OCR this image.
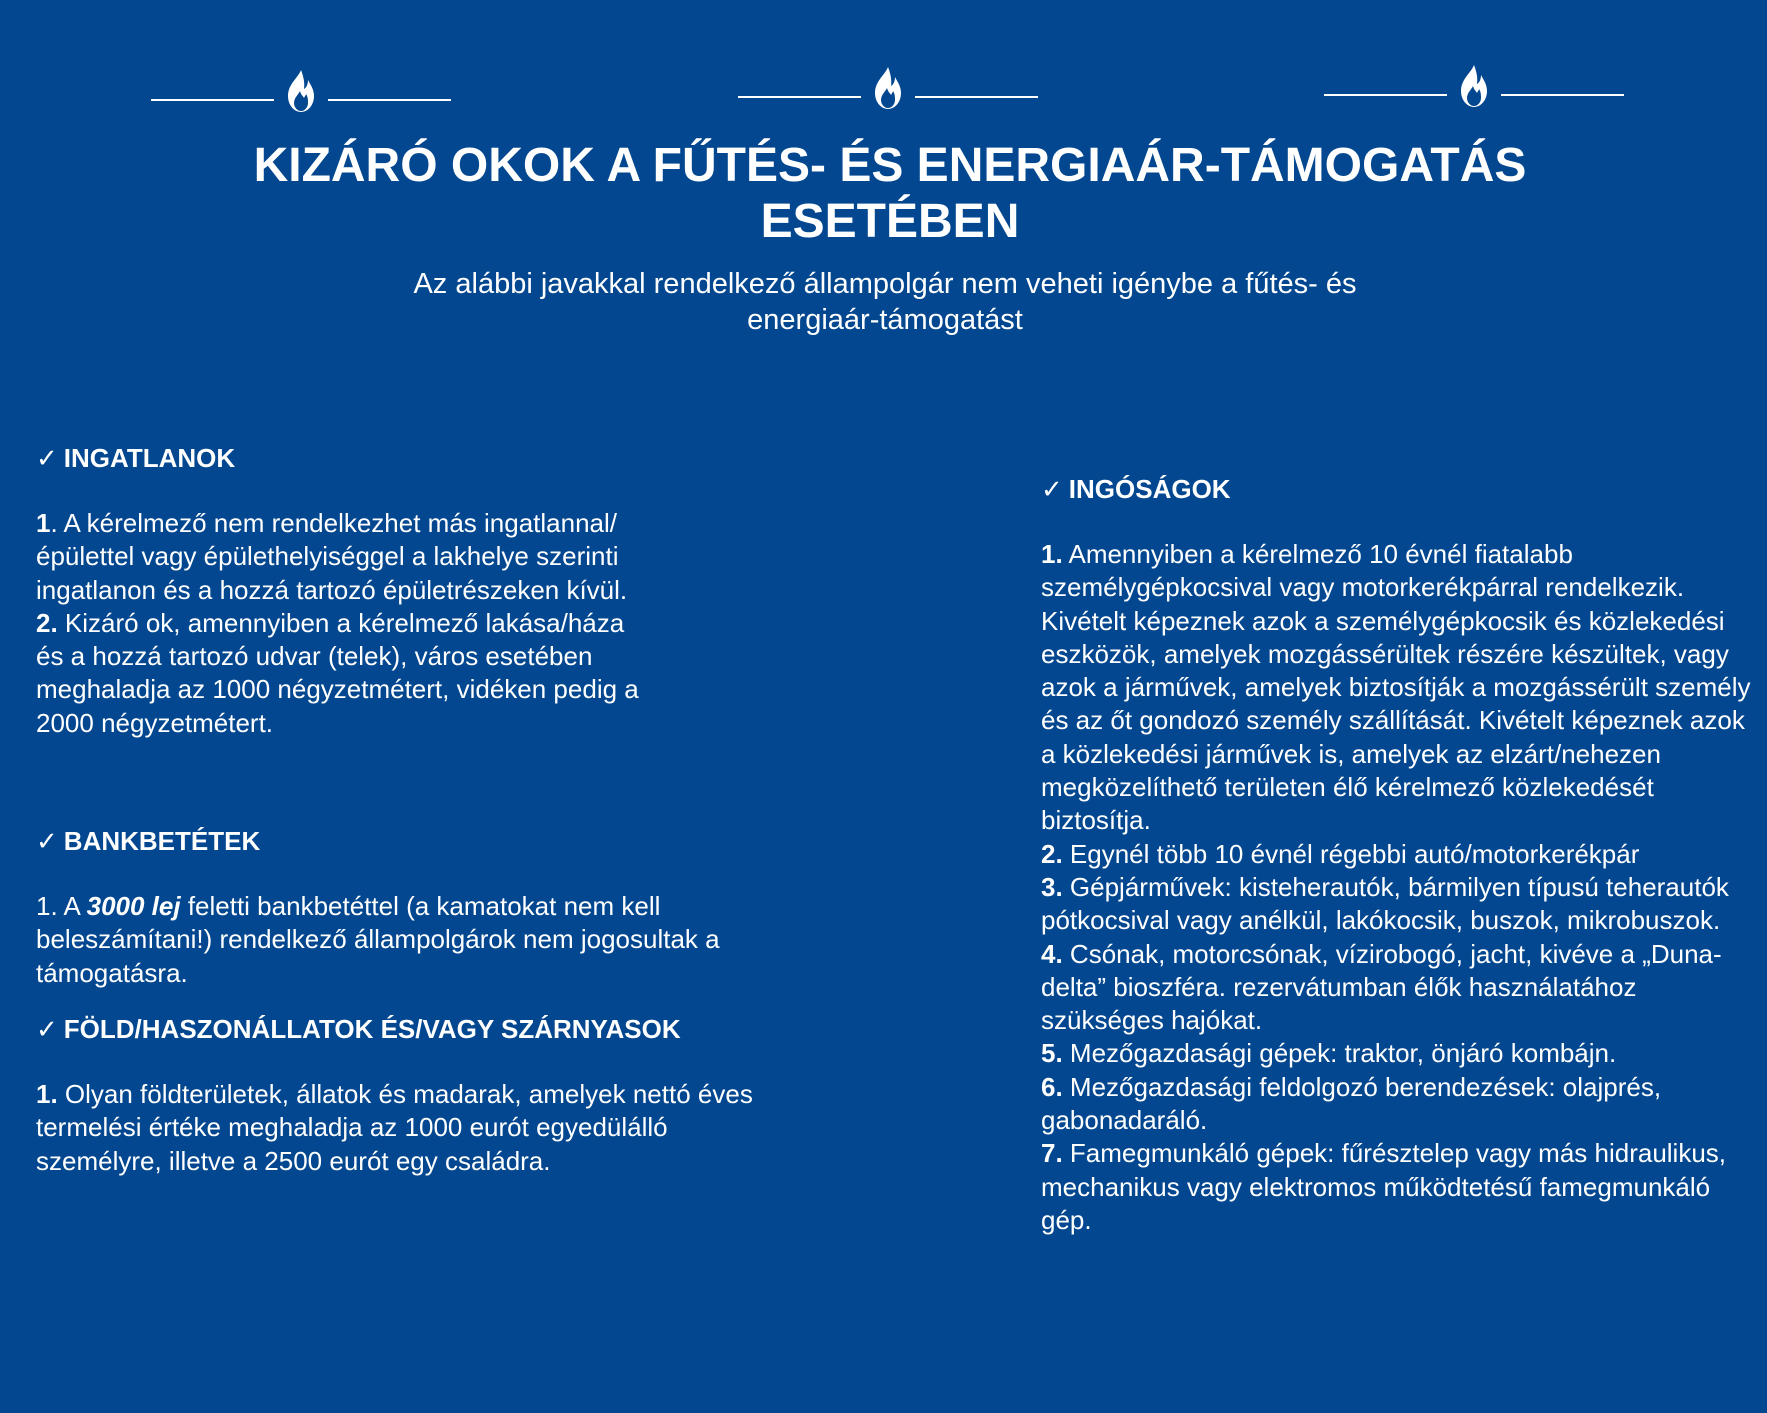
KIZÁRÓ OKOK A FŰTÉS- ÉS ENERGIAÁR-TÁMOGATÁS ESETÉBEN
Az alábbi javakkal rendelkező állampolgár nem veheti igénybe a fűtés- és energiaár-támogatást

✓ INGATLANOK

1. A kérelmező nem rendelkezhet más ingatlannal/épülettel vagy épülethelyiséggel a lakhelye szerinti ingatlanon és a hozzá tartozó épületrészeken kívül.

2. Kizáró ok, amennyiben a kérelmező lakása/háza és a hozzá tartozó udvar (telek), város esetében meghaladja az 1000 négyzetmétert, vidéken pedig a 2000 négyzetmétert.

✓ BANKBETÉTEK

1. A 3000 lej feletti bankbetéttel (a kamatokat nem kell beleszámítani!) rendelkező állampolgárok nem jogosultak a támogatásra.

✓ FÖLD/HASZONÁLLATOK ÉS/VAGY SZÁRNYASOK

1. Olyan földterületek, állatok és madarak, amelyek nettó éves termelési értéke meghaladja az 1000 eurót egyedülálló személyre, illetve a 2500 eurót egy családra.

✓ INGÓSÁGOK

1. Amennyiben a kérelmező 10 évnél fiatalabb személygépkocsival vagy motorkerékpárral rendelkezik. Kivételt képeznek azok a személygépkocsik és közlekedési eszközök, amelyek mozgássérültek részére készültek, vagy azok a járművek, amelyek biztosítják a mozgássérült személy és az őt gondozó személy szállítását. Kivételt képeznek azok a közlekedési járművek is, amelyek az elzárt/nehezen megközelíthető területen élő kérelmező közlekedését biztosítja.

2. Egynél több 10 évnél régebbi autó/motorkerékpár

3. Gépjárművek: kisteherautók, bármilyen típusú teherautók pótkocsival vagy anélkül, lakókocsik, buszok, mikrobuszok.

4. Csónak, motorcsónak, vízirobogó, jacht, kivéve a „Duna-delta” bioszféra. rezervátumban élők használatához szükséges hajókat.

5. Mezőgazdasági gépek: traktor, önjáró kombájn.

6. Mezőgazdasági feldolgozó berendezések: olajprés, gabonadaráló.

7. Famegmunkáló gépek: fűrésztelep vagy más hidraulikus, mechanikus vagy elektromos működtetésű famegmunkáló gép.
